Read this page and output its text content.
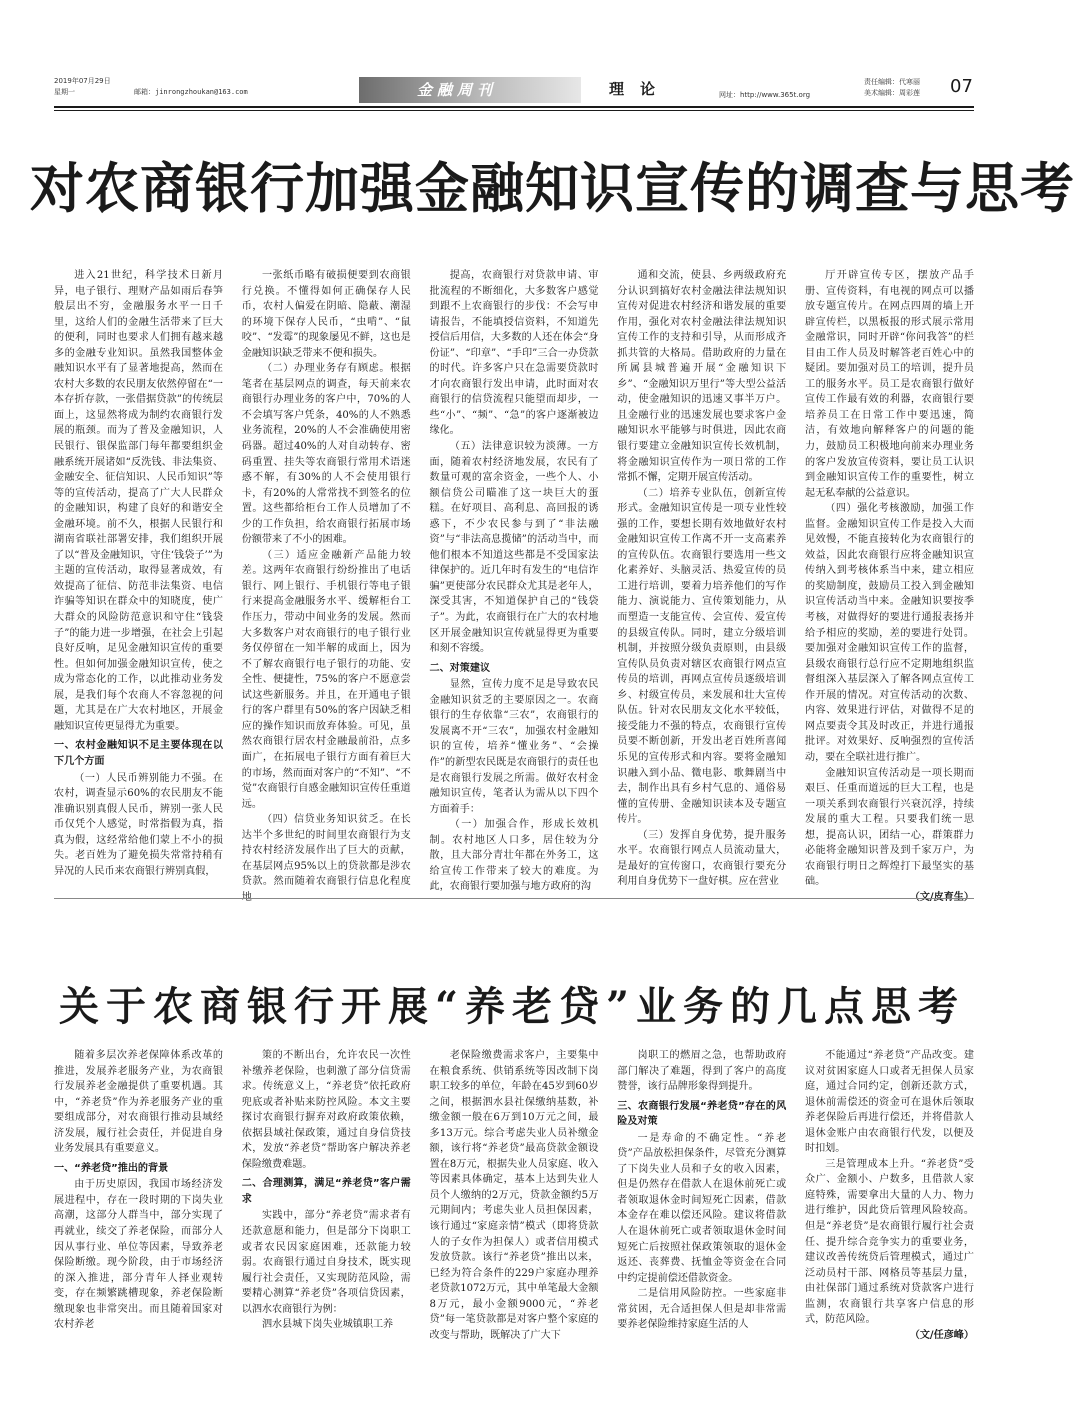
2019年07月29日
星期一	邮箱：jinrongzhoukan@163.com	金融周刊	理论	网址：http://www.365t.org
责任编辑：代寒丽
美术编辑：周彩莲 07
对农商银行加强金融知识宣传的调查与思考

进入21世纪，科学技术日新月异，电子银行、理财产品如雨后春笋般层出不穷，金融服务水平一日千里，这给人们的金融生活带来了巨大的便利，同时也要求人们拥有越来越多的金融专业知识。虽然我国整体金融知识水平有了显著地提高，然而在农村大多数的农民朋友依然停留在“一本存折存款，一张借据贷款”的传统层面上，这显然将成为制约农商银行发展的瓶颈。而为了普及金融知识，人民银行、银保监部门每年都要组织金融系统开展诸如“反洗钱、非法集资、金融安全、征信知识、人民币知识”等等的宣传活动，提高了广大人民群众的金融知识，构建了良好的和谐安全金融环境。前不久，根据人民银行和湖南省联社部署安排，我们组织开展了以“普及金融知识，守住‘钱袋子’”为主题的宣传活动，取得显著成效，有效提高了征信、防范非法集资、电信诈骗等知识在群众中的知晓度，使广大群众的风险防范意识和守住“钱袋子”的能力进一步增强，在社会上引起良好反响，足见金融知识宣传的重要性。但如何加强金融知识宣传，使之成为常态化的工作，以此推动业务发展，是我们每个农商人不容忽视的问题，尤其是在广大农村地区，开展金融知识宣传更显得尤为重要。

一、农村金融知识不足主要体现在以下几个方面

（一）人民币辨别能力不强。在农村，调查显示60%的农民朋友不能准确识别真假人民币，辨别一张人民币仅凭个人感觉，时常指假为真，指真为假，这经常给他们蒙上不小的损失。老百姓为了避免损失常常持稍有异况的人民币来农商银行辨别真假，

一张纸币略有破损便要到农商银行兑换。不懂得如何正确保存人民币，农村人偏爱在阴暗、隐蔽、潮湿的环境下保存人民币，“虫啃”、“鼠咬”、“发霉”的现象屡见不鲜，这也是金融知识缺乏带来不便和损失。

（二）办理业务存有顾虑。根据笔者在基层网点的调查，每天前来农商银行办理业务的客户中，70%的人不会填写客户凭条，40%的人不熟悉业务流程，20%的人不会准确使用密码器。超过40%的人对自动转存、密码重置、挂失等农商银行常用术语迷惑不解，有30%的人不会使用银行卡，有20%的人常常找不到签名的位置。这些都给柜台工作人员增加了不少的工作负担，给农商银行拓展市场份额带来了不小的困难。

（三）适应金融新产品能力较差。这两年农商银行纷纷推出了电话银行、网上银行、手机银行等电子银行来提高金融服务水平、缓解柜台工作压力，带动中间业务的发展。然而大多数客户对农商银行的电子银行业务仅停留在一知半解的成面上，因为不了解农商银行电子银行的功能、安全性、便捷性，75%的客户不愿意尝试这些新服务。并且，在开通电子银行的客户群里有50%的客户因缺乏相应的操作知识而放弃体验。可见，虽然农商银行居农村金融最前沿，点多面广，在拓展电子银行方面有着巨大的市场，然而面对客户的“不知”、“不觉”农商银行自感金融知识宣传任重道远。

（四）信贷业务知识贫乏。在长达半个多世纪的时间里农商银行为支持农村经济发展作出了巨大的贡献，在基层网点95%以上的贷款都是涉农贷款。然而随着农商银行信息化程度

提高，农商银行对贷款申请、审批流程的不断细化，大多数客户感觉到跟不上农商银行的步伐：不会写申请报告，不能填授信资料，不知道先授信后用信，大多数的人还在体会“身份证”、“印章”、“手印”三合一办贷款的时代。许多客户只在急需要贷款时才向农商银行发出申请，此时面对农商银行的信贷流程只能望而却步，一些“小”、“频”、“急”的客户逐渐被边缘化。

（五）法律意识较为淡薄。一方面，随着农村经济地发展，农民有了数量可观的富余资金，一些个人、小额信贷公司瞄准了这一块巨大的蛋糕。在好项目、高利息、高回报的诱惑下，不少农民参与到了“非法融资”与“非法高息揽储”的活动当中，而他们根本不知道这些都是不受国家法律保护的。近几年时有发生的“电信诈骗”更使部分农民群众尤其是老年人，深受其害，不知道保护自己的“钱袋子”。为此，农商银行在广大的农村地区开展金融知识宣传就显得更为重要和刻不容缓。

二、对策建议

显然，宣传力度不足是导致农民金融知识贫乏的主要原因之一。农商银行的生存依靠“三农”，农商银行的发展离不开“三农”，加强农村金融知识的宣传，培养“懂业务”、“会操作”的新型农民既是农商银行的责任也是农商银行发展之所需。做好农村金融知识宣传，笔者认为需从以下四个方面着手：

（一）加强合作，形成长效机制。农村地区人口多，居住较为分散，且大部分青壮年都在外务工，这给宣传工作带来了较大的难度。为此，农商银行要加强与地方政府的沟

通和交流，使县、乡两级政府充分认识到搞好农村金融法律法规知识宣传对促进农村经济和谐发展的重要作用，强化对农村金融法律法规知识宣传工作的支持和引导，从而形成齐抓共管的大格局。借助政府的力量在所属县城普遍开展“金融知识下乡”、“金融知识万里行”等大型公益活动，使金融知识的迅速又事半万户。且金融行业的迅速发展也要求客户金融知识水平能够与时俱进，因此农商银行要建立金融知识宣传长效机制，将金融知识宣传作为一项日常的工作常抓不懈，定期开展宣传活动。

（二）培养专业队伍，创新宣传形式。金融知识宣传是一项专业性较强的工作，要想长期有效地做好农村金融知识宣传工作离不开一支高素养的宣传队伍。农商银行要选用一些文化素养好、头脑灵活、热爱宣传的员工进行培训，要着力培养他们的写作能力、演说能力、宣传策划能力，从而塑造一支能宣传、会宣传、爱宣传的县级宣传队。同时，建立分级培训机制，并按照分级负责原则，由县级宣传队员负责对辖区农商银行网点宣传员的培训，再网点宣传员逐级培训乡、村级宣传员，来发展和壮大宣传队伍。针对农民朋友文化水平较低，接受能力不强的特点，农商银行宣传员要不断创新，开发出老百姓所喜闻乐见的宣传形式和内容。要将金融知识融入到小品、微电影、歌舞剧当中去，制作出具有乡村气息的、通俗易懂的宣传册、金融知识读本及专题宣传片。

（三）发挥自身优势，提升服务水平。农商银行网点人员流动量大，是最好的宣传窗口，农商银行要充分利用自身优势下一盘好棋。应在营业

厅开辟宣传专区，摆放产品手册、宣传资料，有电视的网点可以播放专题宣传片。在网点四周的墙上开辟宣传栏，以黑板报的形式展示常用金融常识，同时开辟“你问我答”的栏目由工作人员及时解答老百姓心中的疑团。要加强对员工的培训，提升员工的服务水平。员工是农商银行做好宣传工作最有效的利器，农商银行要培养员工在日常工作中要迅速，简洁，有效地向解释客户的问题的能力，鼓励员工积极地向前来办理业务的客户发放宣传资料，要让员工认识到金融知识宣传工作的重要性，树立起无私奉献的公益意识。

（四）强化考核激励，加强工作监督。金融知识宣传工作是投入大而见效慢，不能直接转化为农商银行的效益，因此农商银行应将金融知识宣传纳入到考核体系当中来，建立相应的奖励制度，鼓励员工投入到金融知识宣传活动当中来。金融知识要按季考核，对做得好的要进行通报表扬并给予相应的奖励，差的要进行处罚。要加强对金融知识宣传工作的监督，县级农商银行总行应不定期地组织监督组深入基层深入了解各网点宣传工作开展的情况。对宣传活动的次数、内容、效果进行评估，对做得不足的网点要责令其及时改正，并进行通报批评。对效果好、反响强烈的宣传活动，要在全联社进行推广。

金融知识宣传活动是一项长期而艰巨、任重而道远的巨大工程，也是一项关系到农商银行兴衰沉浮，持续发展的重大工程。只要我们统一思想，提高认识，团结一心，群策群力必能将金融知识普及到千家万户，为农商银行明日之辉煌打下最坚实的基础。

关于农商银行开展“养老贷”业务的几点思考

随着多层次养老保障体系改革的推进，发展养老服务产业，为农商银行发展养老金融提供了重要机遇。其中，“养老贷”作为养老服务产业的重要组成部分，对农商银行推动县域经济发展，履行社会责任，并促进自身业务发展具有重要意义。

一、“养老贷”推出的背景

由于历史原因，我国市场经济发展进程中，存在一段时期的下岗失业高潮，这部分人群当中，部分实现了再就业，续交了养老保险，而部分人因从事行业、单位等因素，导致养老保险断缴。现今阶段，由于市场经济的深入推进，部分青年人择业观转变，存在频繁跳槽现象，养老保险断缴现象也非常突出。而且随着国家对农村养老

策的不断出台，允许农民一次性补缴养老保险，也刺激了部分信贷需求。传统意义上，“养老贷”依托政府兜底或者补贴来防控风险。本文主要探讨农商银行摒弃对政府政策依赖，依据县域社保政策，通过自身信贷技术，发放“养老贷”帮助客户解决养老保险缴费难题。

二、合理测算，满足“养老贷”客户需求

实践中，部分“养老贷”需求者有还款意愿和能力，但是部分下岗职工或者农民因家庭困难，还款能力较弱。农商银行通过自身技术，既实现履行社会责任，又实现防范风险，需要精心测算“养老贷”各项信贷因素，以泗水农商银行为例：

泗水县城下岗失业城镇职工养

老保险缴费需求客户，主要集中在粮食系统、供销系统等因改制下岗职工较多的单位，年龄在45岁到60岁之间，根据泗水县社保缴纳基数，补缴金额一般在6万到10万元之间，最多13万元。综合考虑失业人员补缴金额，该行将“养老贷”最高贷款金额设置在8万元，根据失业人员家庭、收入等因素具体确定，基本上达到失业人员个人缴纳的2万元，贷款金额约5万元期间内；考虑失业人员担保因素，该行通过“家庭亲情”模式（即将贷款人的子女作为担保人）或者信用模式发放贷款。该行“养老贷”推出以来，已经为符合条件的229户家庭办理养老贷款1072万元，其中单笔最大金额8万元，最小金额9000元，“养老贷”每一笔贷款都是对客户整个家庭的改变与帮助，既解决了广大下

岗职工的燃眉之急，也帮助政府部门解决了难题，得到了客户的高度赞誉，该行品牌形象得到提升。

三、农商银行发展“养老贷”存在的风险及对策

一是寿命的不确定性。“养老贷”产品放松担保条件，尽管充分测算了下岗失业人员和子女的收入因素，但是仍然存在借款人在退休前死亡或者领取退休金时间短死亡因素，借款本金存在难以偿还风险。建议将借款人在退休前死亡或者领取退休金时间短死亡后按照社保政策领取的退休金返还、丧葬费、抚恤金等资金在合同中约定提前偿还借款资金。

二是信用风险防控。一些家庭非常贫困，无合适担保人但是却非常需要养老保险维持家庭生活的人

不能通过“养老贷”产品改变。建议对贫困家庭人口或者无担保人员家庭，通过合同约定，创新还款方式，退休前需偿还的资金可在退休后领取养老保险后再进行偿还，并将借款人退休金账户由农商银行代发，以便及时扣划。

三是管理成本上升。“养老贷”受众广、金额小、户数多，且借款人家庭特殊，需要拿出大量的人力、物力进行维护，因此贷后管理风险较高。但是“养老贷”是农商银行履行社会责任、提升综合竞争实力的重要业务，建议改善传统贷后管理模式，通过广泛动员村干部、网格员等基层力量，由社保部门通过系统对贷款客户进行监测，农商银行共享客户信息的形式，防范风险。

（文/任彦峰）
